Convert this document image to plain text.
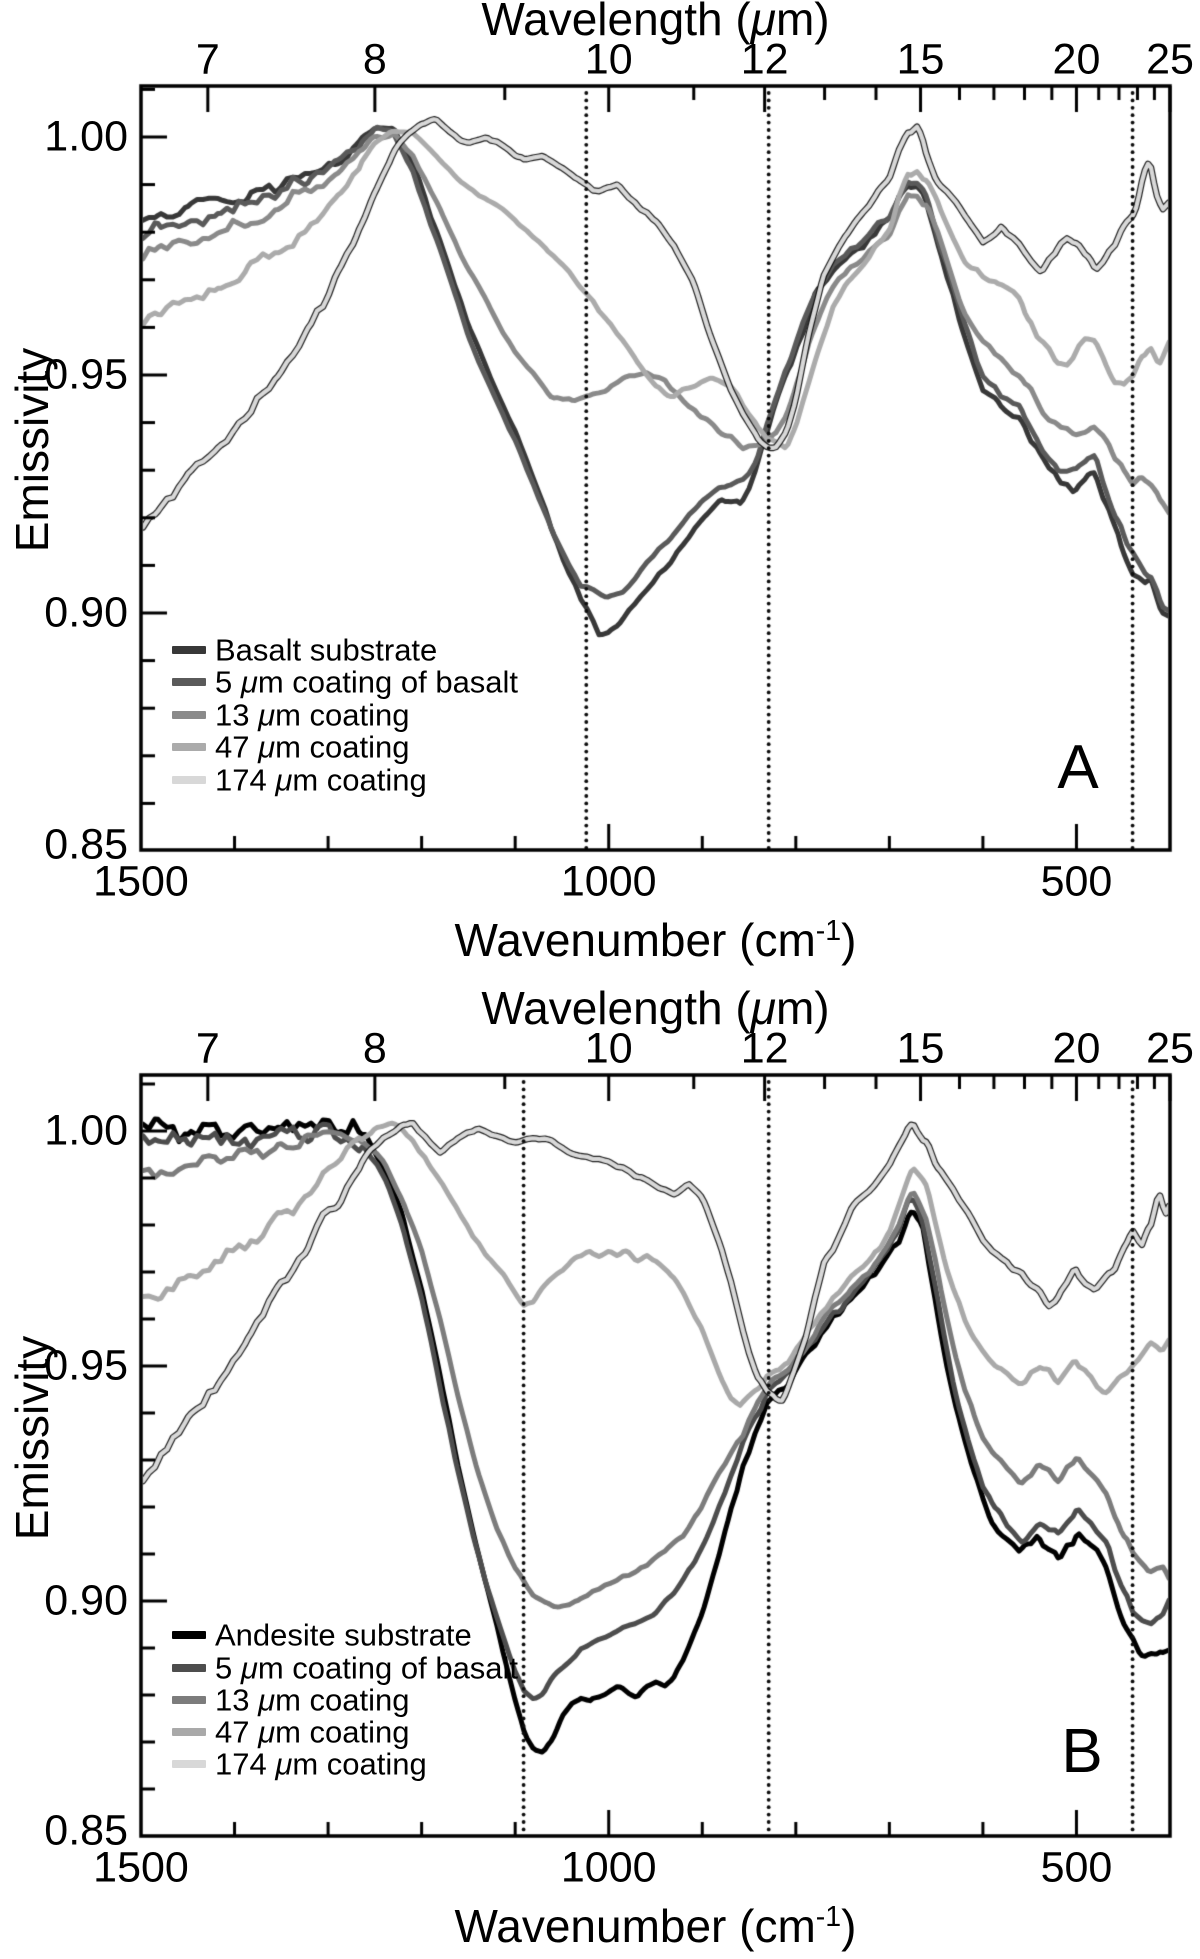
Wavelength (μm)
7	8	10	12	15	20 25
1500	1000	500
Wavenumber $(cm^{-1})$
1.00
0.95
0.90
0.85
Emissivity
A
Basalt substrate
5 μm coating of basalt
13 μm coating
47 μm coating
174 μm coating
Wavelength (μm)
7	8	10	12	15	20 25
1500	1000	500
Wavenumber $(cm^{-1})$
1.00
0.95
0.90
0.85
Emissivity
B
Andesite substrate
5 μm coating of basalt
13 μm coating
47 μm coating
174 μm coating
